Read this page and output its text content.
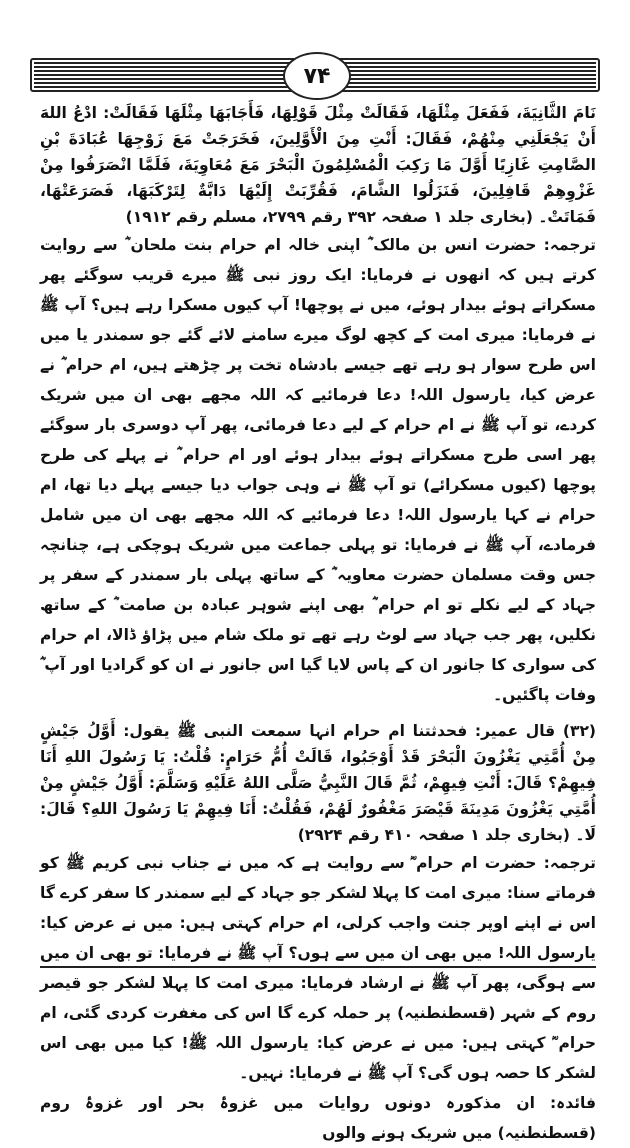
۷۴

نَامَ الثَّانِيَةَ، فَفَعَلَ مِثْلَهَا، فَقَالَتْ مِثْلَ قَوْلِهَا، فَأَجَابَهَا مِثْلَهَا فَقَالَتْ: ادْعُ اللهَ أَنْ يَجْعَلَنِي مِنْهُمْ، فَقَالَ: أَنْتِ مِنَ الْأَوَّلِينَ، فَخَرَجَتْ مَعَ زَوْجِهَا عُبَادَةَ بْنِ الصَّامِتِ غَازِيًا أَوَّلَ مَا رَكِبَ الْمُسْلِمُونَ الْبَحْرَ مَعَ مُعَاوِيَةَ، فَلَمَّا انْصَرَفُوا مِنْ غَزْوِهِمْ قَافِلِينَ، فَنَزَلُوا الشَّامَ، فَقُرِّبَتْ إِلَيْهَا دَابَّةٌ لِتَرْكَبَهَا، فَصَرَعَتْهَا، فَمَاتَتْ۔ (بخاری جلد ۱ صفحہ ۳۹۲ رقم ۲۷۹۹، مسلم رقم ۱۹۱۲)

ترجمہ: حضرت انس بن مالک ؓ اپنی خالہ ام حرام بنت ملحان ؓ سے روایت کرتے ہیں کہ انھوں نے فرمایا: ایک روز نبی ﷺ میرے قریب سوگئے پھر مسکراتے ہوئے بیدار ہوئے، میں نے پوچھا! آپ کیوں مسکرا رہے ہیں؟ آپ ﷺ نے فرمایا: میری امت کے کچھ لوگ میرے سامنے لائے گئے جو سمندر یا میں اس طرح سوار ہو رہے تھے جیسے بادشاہ تخت پر چڑھتے ہیں، ام حرام ؓ نے عرض کیا، یارسول اللہ! دعا فرمائیے کہ اللہ مجھے بھی ان میں شریک کردے، تو آپ ﷺ نے ام حرام کے لیے دعا فرمائی، پھر آپ دوسری بار سوگئے پھر اسی طرح مسکراتے ہوئے بیدار ہوئے اور ام حرام ؓ نے پہلے کی طرح پوچھا (کیوں مسکرائے) تو آپ ﷺ نے وہی جواب دیا جیسے پہلے دیا تھا، ام حرام نے کہا یارسول اللہ! دعا فرمائیے کہ اللہ مجھے بھی ان میں شامل فرمادے، آپ ﷺ نے فرمایا: تو پہلی جماعت میں شریک ہوچکی ہے، چنانچہ جس وقت مسلمان حضرت معاویہ ؓ کے ساتھ پہلی بار سمندر کے سفر پر جہاد کے لیے نکلے تو ام حرام ؓ بھی اپنے شوہر عبادہ بن صامت ؓ کے ساتھ نکلیں، پھر جب جہاد سے لوٹ رہے تھے تو ملک شام میں پڑاؤ ڈالا، ام حرام کی سواری کا جانور ان کے پاس لایا گیا اس جانور نے ان کو گرادیا اور آپ ؓ وفات پاگئیں۔

(۳۲) قال عمیر: فحدثتنا ام حرام انہا سمعت النبی ﷺ یقول: أَوَّلُ جَيْشٍ مِنْ أُمَّتِي يَغْزُونَ الْبَحْرَ قَدْ أَوْجَبُوا، قَالَتْ أُمُّ حَرَامٍ: قُلْتُ: يَا رَسُولَ اللهِ أَنَا فِيهِمْ؟ قَالَ: أَنْتِ فِيهِمْ، ثُمَّ قَالَ النَّبِيُّ صَلَّى اللهُ عَلَيْهِ وَسَلَّمَ: أَوَّلُ جَيْشٍ مِنْ أُمَّتِي يَغْزُونَ مَدِينَةَ قَيْصَرَ مَغْفُورٌ لَهُمْ، فَقُلْتُ: أَنَا فِيهِمْ يَا رَسُولَ اللهِ؟ قَالَ: لَا۔ (بخاری جلد ۱ صفحہ ۴۱۰ رقم ۲۹۲۴)

ترجمہ: حضرت ام حرام ؓ سے روایت ہے کہ میں نے جناب نبی کریم ﷺ کو فرماتے سنا: میری امت کا پہلا لشکر جو جہاد کے لیے سمندر کا سفر کرے گا اس نے اپنے اوپر جنت واجب کرلی، ام حرام کہتی ہیں: میں نے عرض کیا: یارسول اللہ! میں بھی ان میں سے ہوں؟ آپ ﷺ نے فرمایا: تو بھی ان میں سے ہوگی، پھر آپ ﷺ نے ارشاد فرمایا: میری امت کا پہلا لشکر جو قیصر روم کے شہر (قسطنطنیہ) پر حملہ کرے گا اس کی مغفرت کردی گئی، ام حرام ؓ کہتی ہیں: میں نے عرض کیا: یارسول اللہ ﷺ! کیا میں بھی اس لشکر کا حصہ ہوں گی؟ آپ ﷺ نے فرمایا: نہیں۔

فائدہ: ان مذکورہ دونوں روایات میں غزوۂ بحر اور غزوۂ روم (قسطنطنیہ) میں شریک ہونے والوں
